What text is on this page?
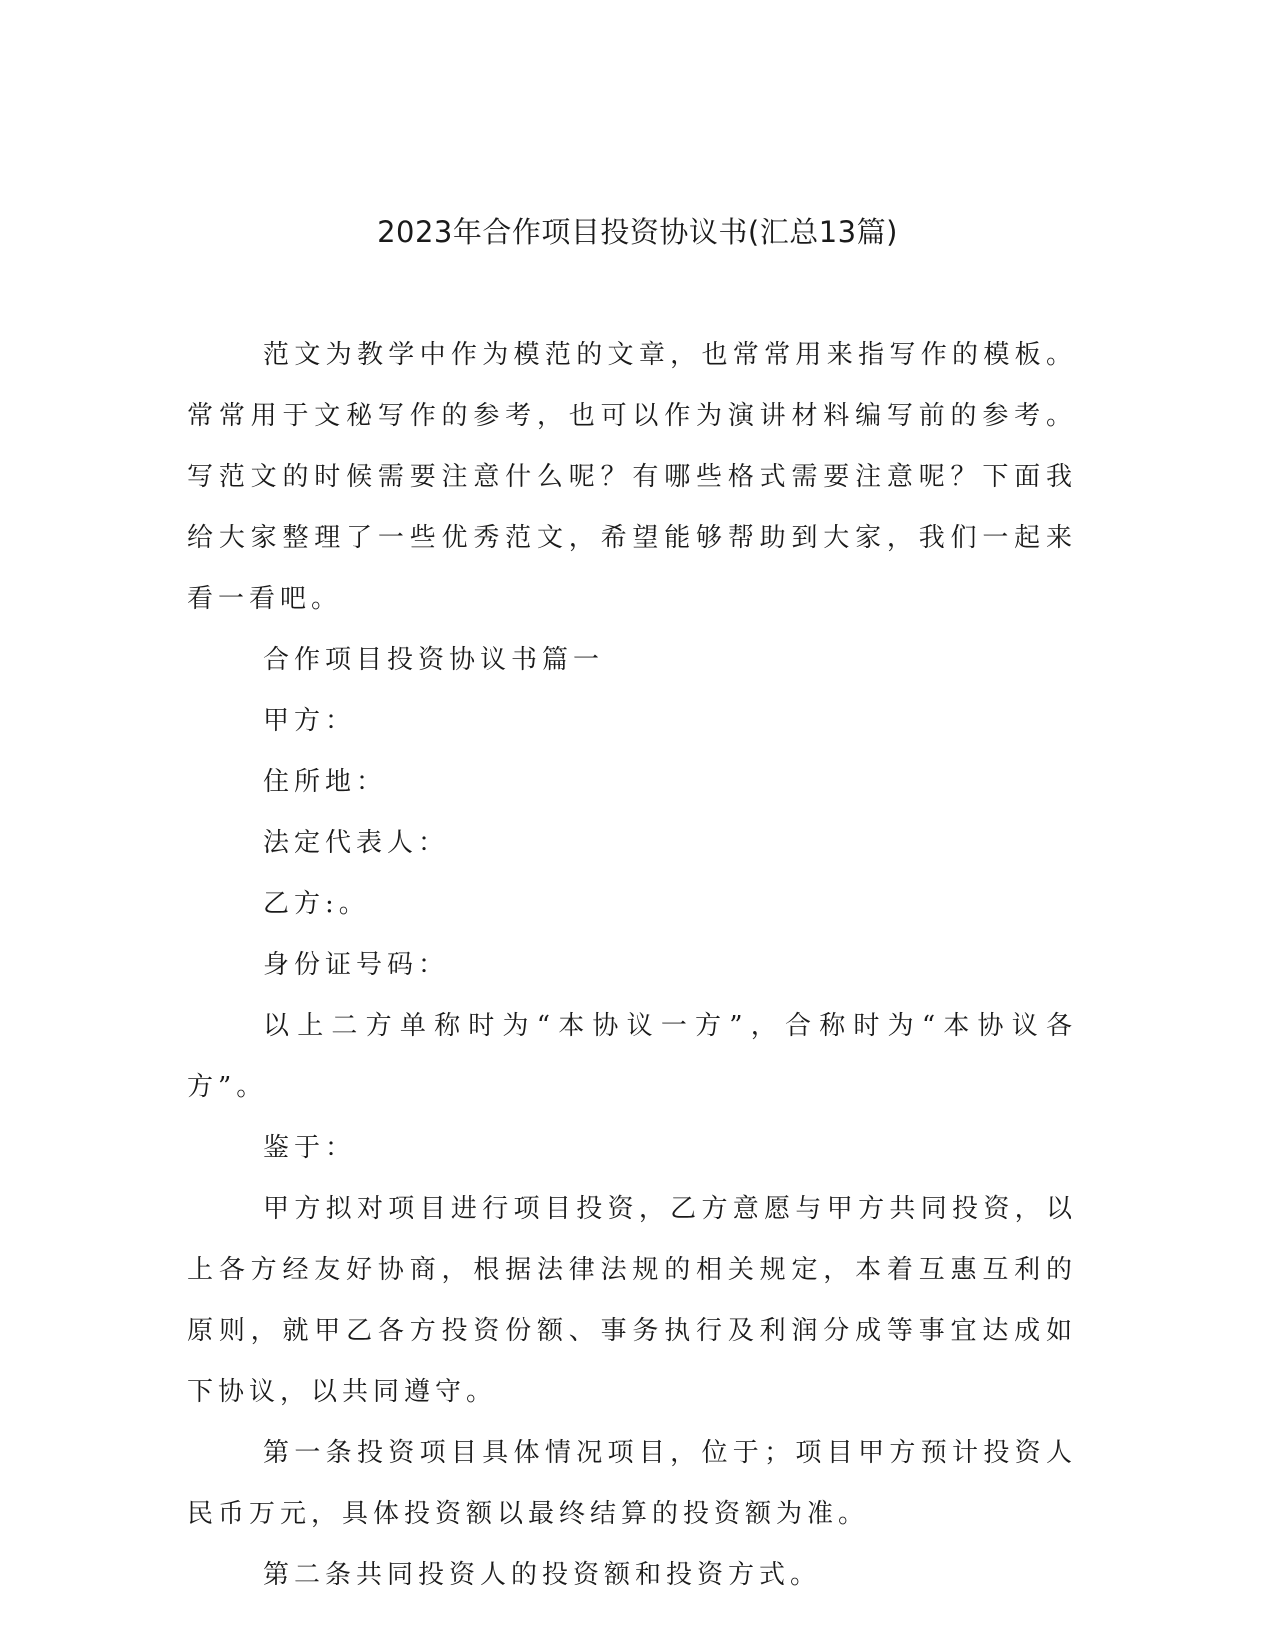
2023年合作项目投资协议书(汇总13篇)

范文为教学中作为模范的文章，也常常用来指写作的模板。常常用于文秘写作的参考，也可以作为演讲材料编写前的参考。写范文的时候需要注意什么呢？有哪些格式需要注意呢？下面我给大家整理了一些优秀范文，希望能够帮助到大家，我们一起来看一看吧。

合作项目投资协议书篇一

甲方：

住所地：

法定代表人：

乙方:。

身份证号码：

以上二方单称时为“本协议一方”，合称时为“本协议各方”。

鉴于：

甲方拟对项目进行项目投资，乙方意愿与甲方共同投资，以上各方经友好协商，根据法律法规的相关规定，本着互惠互利的原则，就甲乙各方投资份额、事务执行及利润分成等事宜达成如下协议，以共同遵守。

第一条投资项目具体情况项目，位于；项目甲方预计投资人民币万元，具体投资额以最终结算的投资额为准。

第二条共同投资人的投资额和投资方式。
